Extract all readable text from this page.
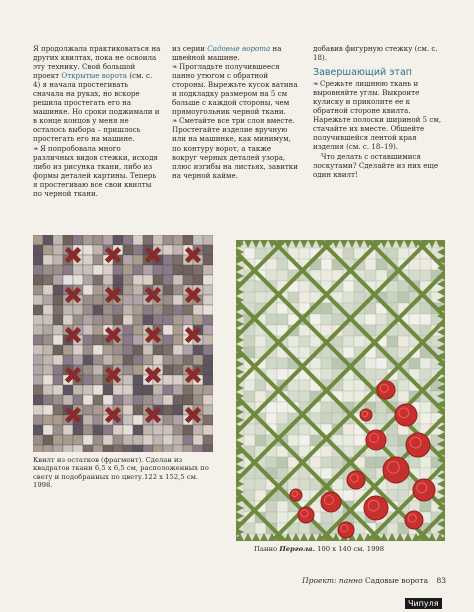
Я продолжала практиковаться на других квилтах, пока не освоила эту технику. Свой большой проект Открытые ворота (см. с. 4) я начала простегивать сначала на руках, но вскоре решила простегать его на машинке. Но сроки поджимали и в конце концов у меня не осталось выбора – пришлось простегать его на машине.

❧Я попробовала много различных видов стежки, исходя либо из рисунка ткани, либо из формы деталей картины. Теперь я простегиваю все свои квилты по черной ткани.

из серии Садовые ворота на швейной машине.

❧Прогладьте получившееся панно утюгом с обратной стороны. Вырежьте кусок ватина и подкладку размером на 5 см больше с каждой стороны, чем прямоугольник черной ткани.

❧Сметайте все три слоя вместе. Простегайте изделие вручную или на машинке, как минимум, по контуру ворот, а также вокруг черных деталей узора, плюс изгибы на листьях, завитки на черной кайме.

добавив фигурную стежку (см. с. 18).

Завершающий этап

❧Срежьте лишнюю ткань и выровняйте углы. Выкроите кулиску и приколите ее к обратной стороне квилта. Нарежьте полоски шириной 5 см, стачайте их вместе. Обшейте получившейся лентой края изделия (см. с. 18–19).

Что делать с оставшимися лоскутами? Сделайте из них еще один квилт!

Квилт из остатков (фрагмент). Сделан из квадратов ткани 6,5 х 6,5 см, расположенных по свету и подобранных по цвету.122 х 152,5 см. 1998.
Панно Пергола. 100 х 140 см. 1998
Проект: панно Садовые ворота 83
Чипуля
